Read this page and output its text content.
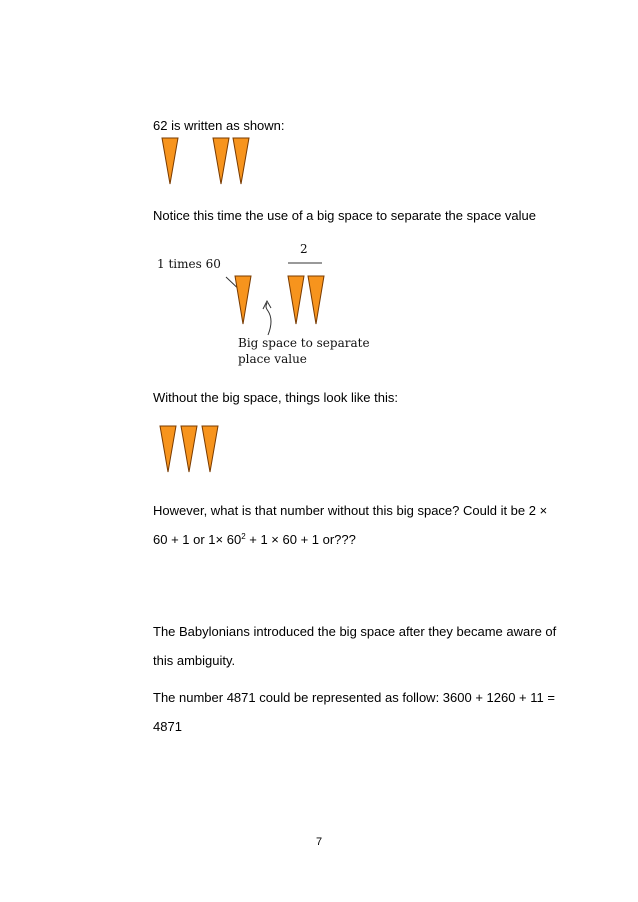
62 is written as shown:
Notice this time the use of a big space to separate the space value
1 times 60
2
Big space to separate
place value
Without the big space, things look like this:
However, what is that number without this big space? Could it be 2 ×
60 + 1 or $1\times 60^2 + 1 \times 60 + 1$ or???
The Babylonians introduced the big space after they became aware of
this ambiguity.
The number 4871 could be represented as follow: 3600 + 1260 + 11 =
4871
7
